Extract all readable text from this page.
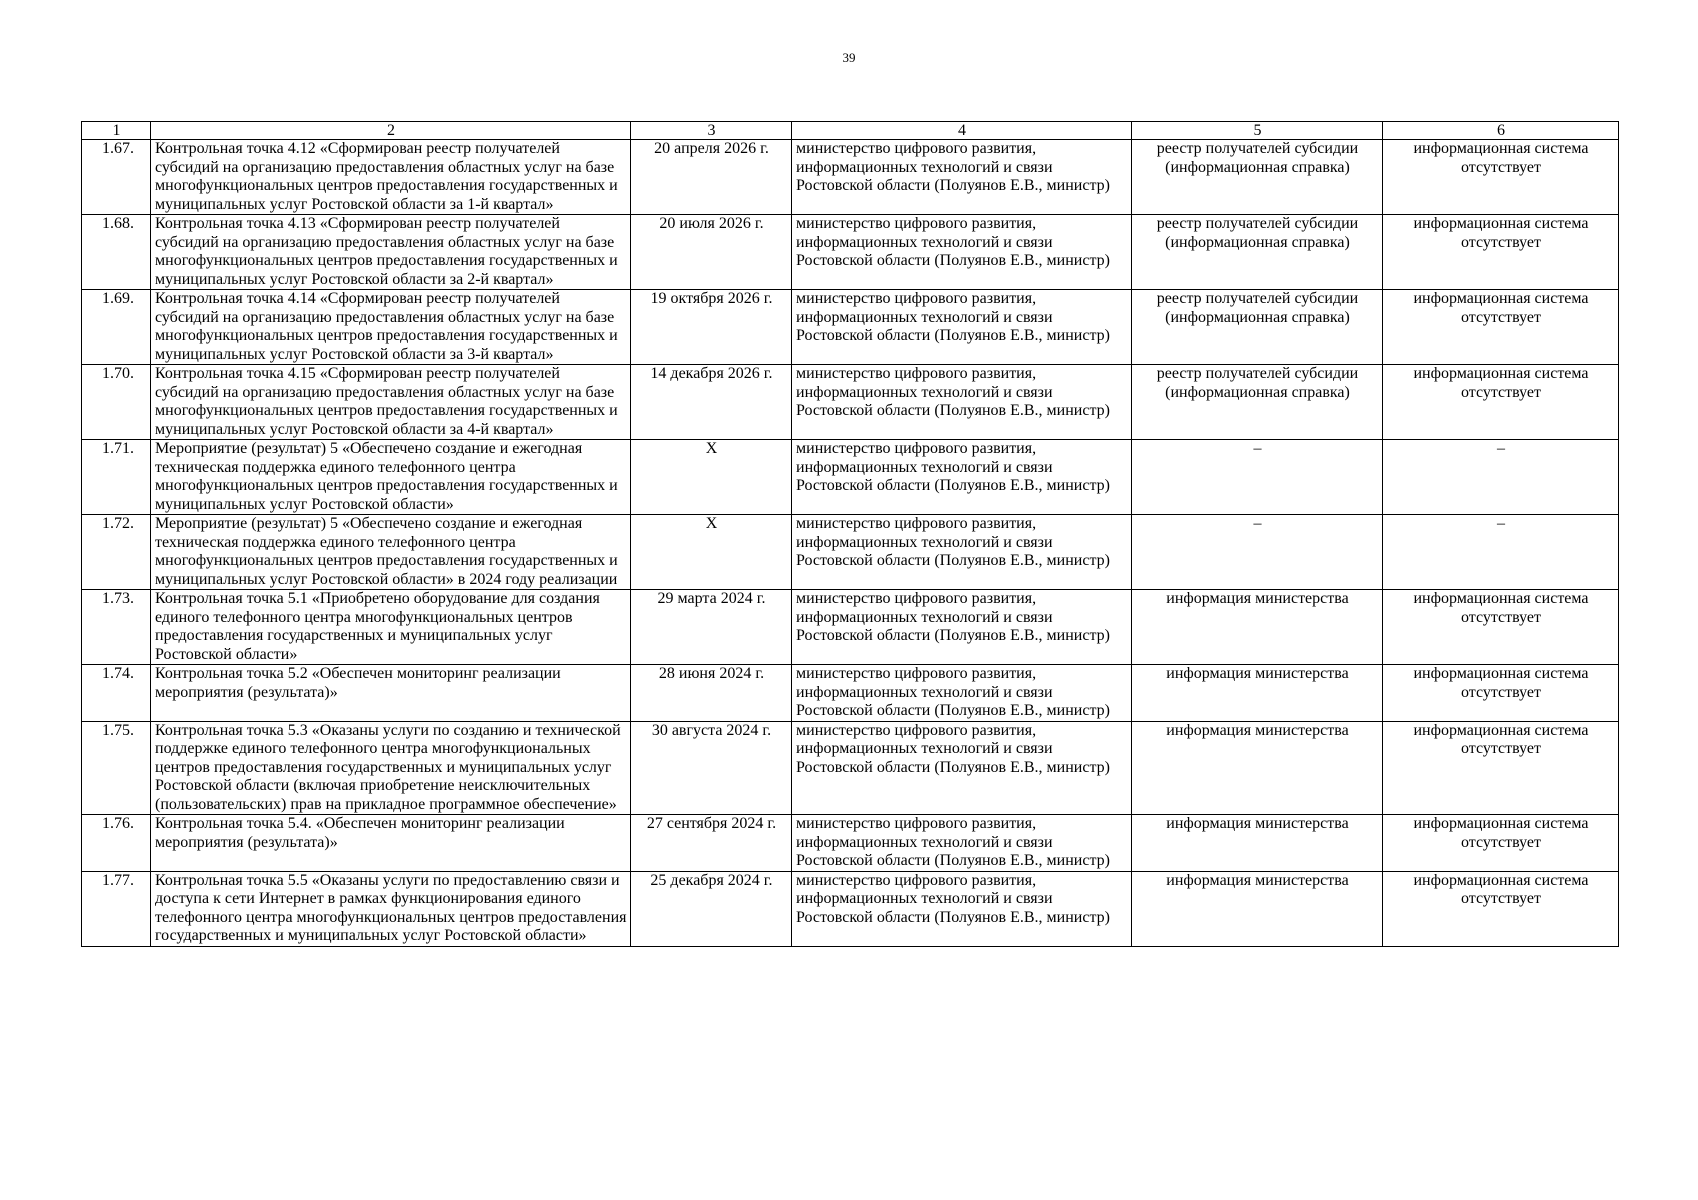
39
1	2	3	4	5	6
1.67.	Контрольная точка 4.12 «Сформирован реестр получателей субсидий на организацию предоставления областных услуг на базе многофункциональных центров предоставления государственных и муниципальных услуг Ростовской области за 1-й квартал»	20 апреля 2026 г.	министерство цифрового развития, информационных технологий и связи Ростовской области (Полуянов Е.В., министр)	реестр получателей субсидии (информационная справка)	информационная система отсутствует
1.68.	Контрольная точка 4.13 «Сформирован реестр получателей субсидий на организацию предоставления областных услуг на базе многофункциональных центров предоставления государственных и муниципальных услуг Ростовской области за 2-й квартал»	20 июля 2026 г.	министерство цифрового развития, информационных технологий и связи Ростовской области (Полуянов Е.В., министр)	реестр получателей субсидии (информационная справка)	информационная система отсутствует
1.69.	Контрольная точка 4.14 «Сформирован реестр получателей субсидий на организацию предоставления областных услуг на базе многофункциональных центров предоставления государственных и муниципальных услуг Ростовской области за 3-й квартал»	19 октября 2026 г.	министерство цифрового развития, информационных технологий и связи Ростовской области (Полуянов Е.В., министр)	реестр получателей субсидии (информационная справка)	информационная система отсутствует
1.70.	Контрольная точка 4.15 «Сформирован реестр получателей субсидий на организацию предоставления областных услуг на базе многофункциональных центров предоставления государственных и муниципальных услуг Ростовской области за 4-й квартал»	14 декабря 2026 г.	министерство цифрового развития, информационных технологий и связи Ростовской области (Полуянов Е.В., министр)	реестр получателей субсидии (информационная справка)	информационная система отсутствует
1.71.	Мероприятие (результат) 5 «Обеспечено создание и ежегодная техническая поддержка единого телефонного центра многофункциональных центров предоставления государственных и муниципальных услуг Ростовской области»	X	министерство цифрового развития, информационных технологий и связи Ростовской области (Полуянов Е.В., министр)	–	–
1.72.	Мероприятие (результат) 5 «Обеспечено создание и ежегодная техническая поддержка единого телефонного центра многофункциональных центров предоставления государственных и муниципальных услуг Ростовской области» в 2024 году реализации	X	министерство цифрового развития, информационных технологий и связи Ростовской области (Полуянов Е.В., министр)	–	–
1.73.	Контрольная точка 5.1 «Приобретено оборудование для создания единого телефонного центра многофункциональных центров предоставления государственных и муниципальных услуг Ростовской области»	29 марта 2024 г.	министерство цифрового развития, информационных технологий и связи Ростовской области (Полуянов Е.В., министр)	информация министерства	информационная система отсутствует
1.74.	Контрольная точка 5.2 «Обеспечен мониторинг реализации мероприятия (результата)»	28 июня 2024 г.	министерство цифрового развития, информационных технологий и связи Ростовской области (Полуянов Е.В., министр)	информация министерства	информационная система отсутствует
1.75.	Контрольная точка 5.3 «Оказаны услуги по созданию и технической поддержке единого телефонного центра многофункциональных центров предоставления государственных и муниципальных услуг Ростовской области (включая приобретение неисключительных (пользовательских) прав на прикладное программное обеспечение»	30 августа 2024 г.	министерство цифрового развития, информационных технологий и связи Ростовской области (Полуянов Е.В., министр)	информация министерства	информационная система отсутствует
1.76.	Контрольная точка 5.4. «Обеспечен мониторинг реализации мероприятия (результата)»	27 сентября 2024 г.	министерство цифрового развития, информационных технологий и связи Ростовской области (Полуянов Е.В., министр)	информация министерства	информационная система отсутствует
1.77.	Контрольная точка 5.5 «Оказаны услуги по предоставлению связи и доступа к сети Интернет в рамках функционирования единого телефонного центра многофункциональных центров предоставления государственных и муниципальных услуг Ростовской области»	25 декабря 2024 г.	министерство цифрового развития, информационных технологий и связи Ростовской области (Полуянов Е.В., министр)	информация министерства	информационная система отсутствует
